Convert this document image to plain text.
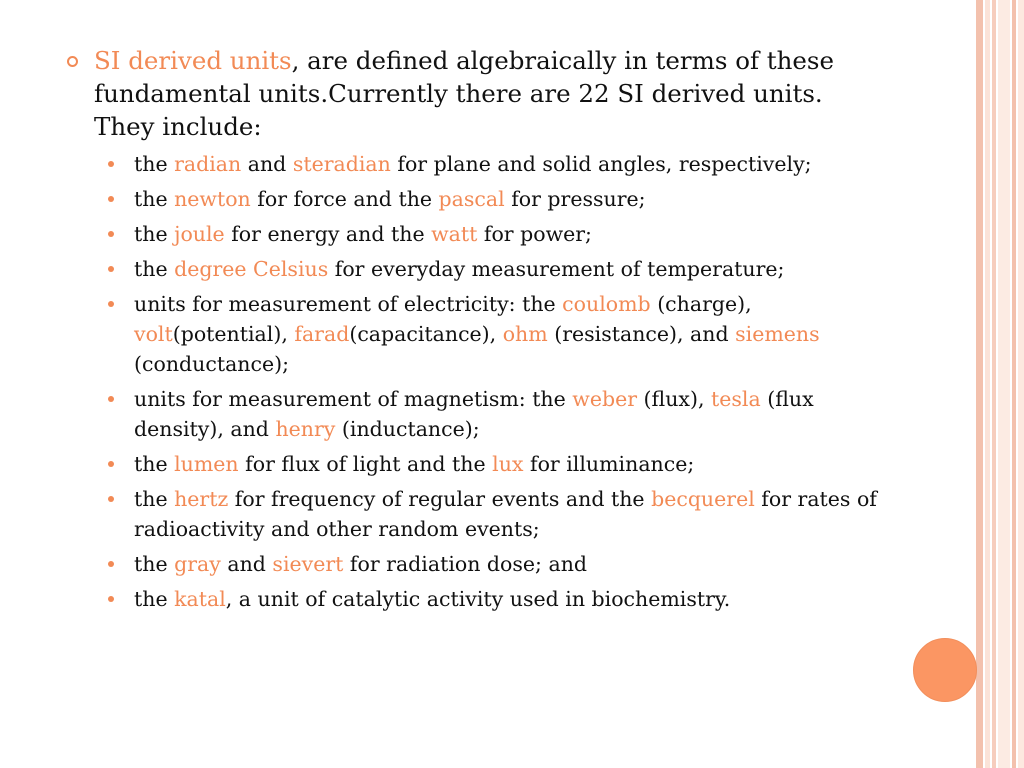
SI derived units, are defined algebraically in terms of these fundamental units.Currently there are 22 SI derived units. They include:
the radian and steradian for plane and solid angles, respectively;
the newton for force and the pascal for pressure;
the joule for energy and the watt for power;
the degree Celsius for everyday measurement of temperature;
units for measurement of electricity: the coulomb (charge), volt(potential), farad(capacitance), ohm (resistance), and siemens (conductance);
units for measurement of magnetism: the weber (flux), tesla (flux density), and henry (inductance);
the lumen for flux of light and the lux for illuminance;
the hertz for frequency of regular events and the becquerel for rates of radioactivity and other random events;
the gray and sievert for radiation dose; and
the katal, a unit of catalytic activity used in biochemistry.
